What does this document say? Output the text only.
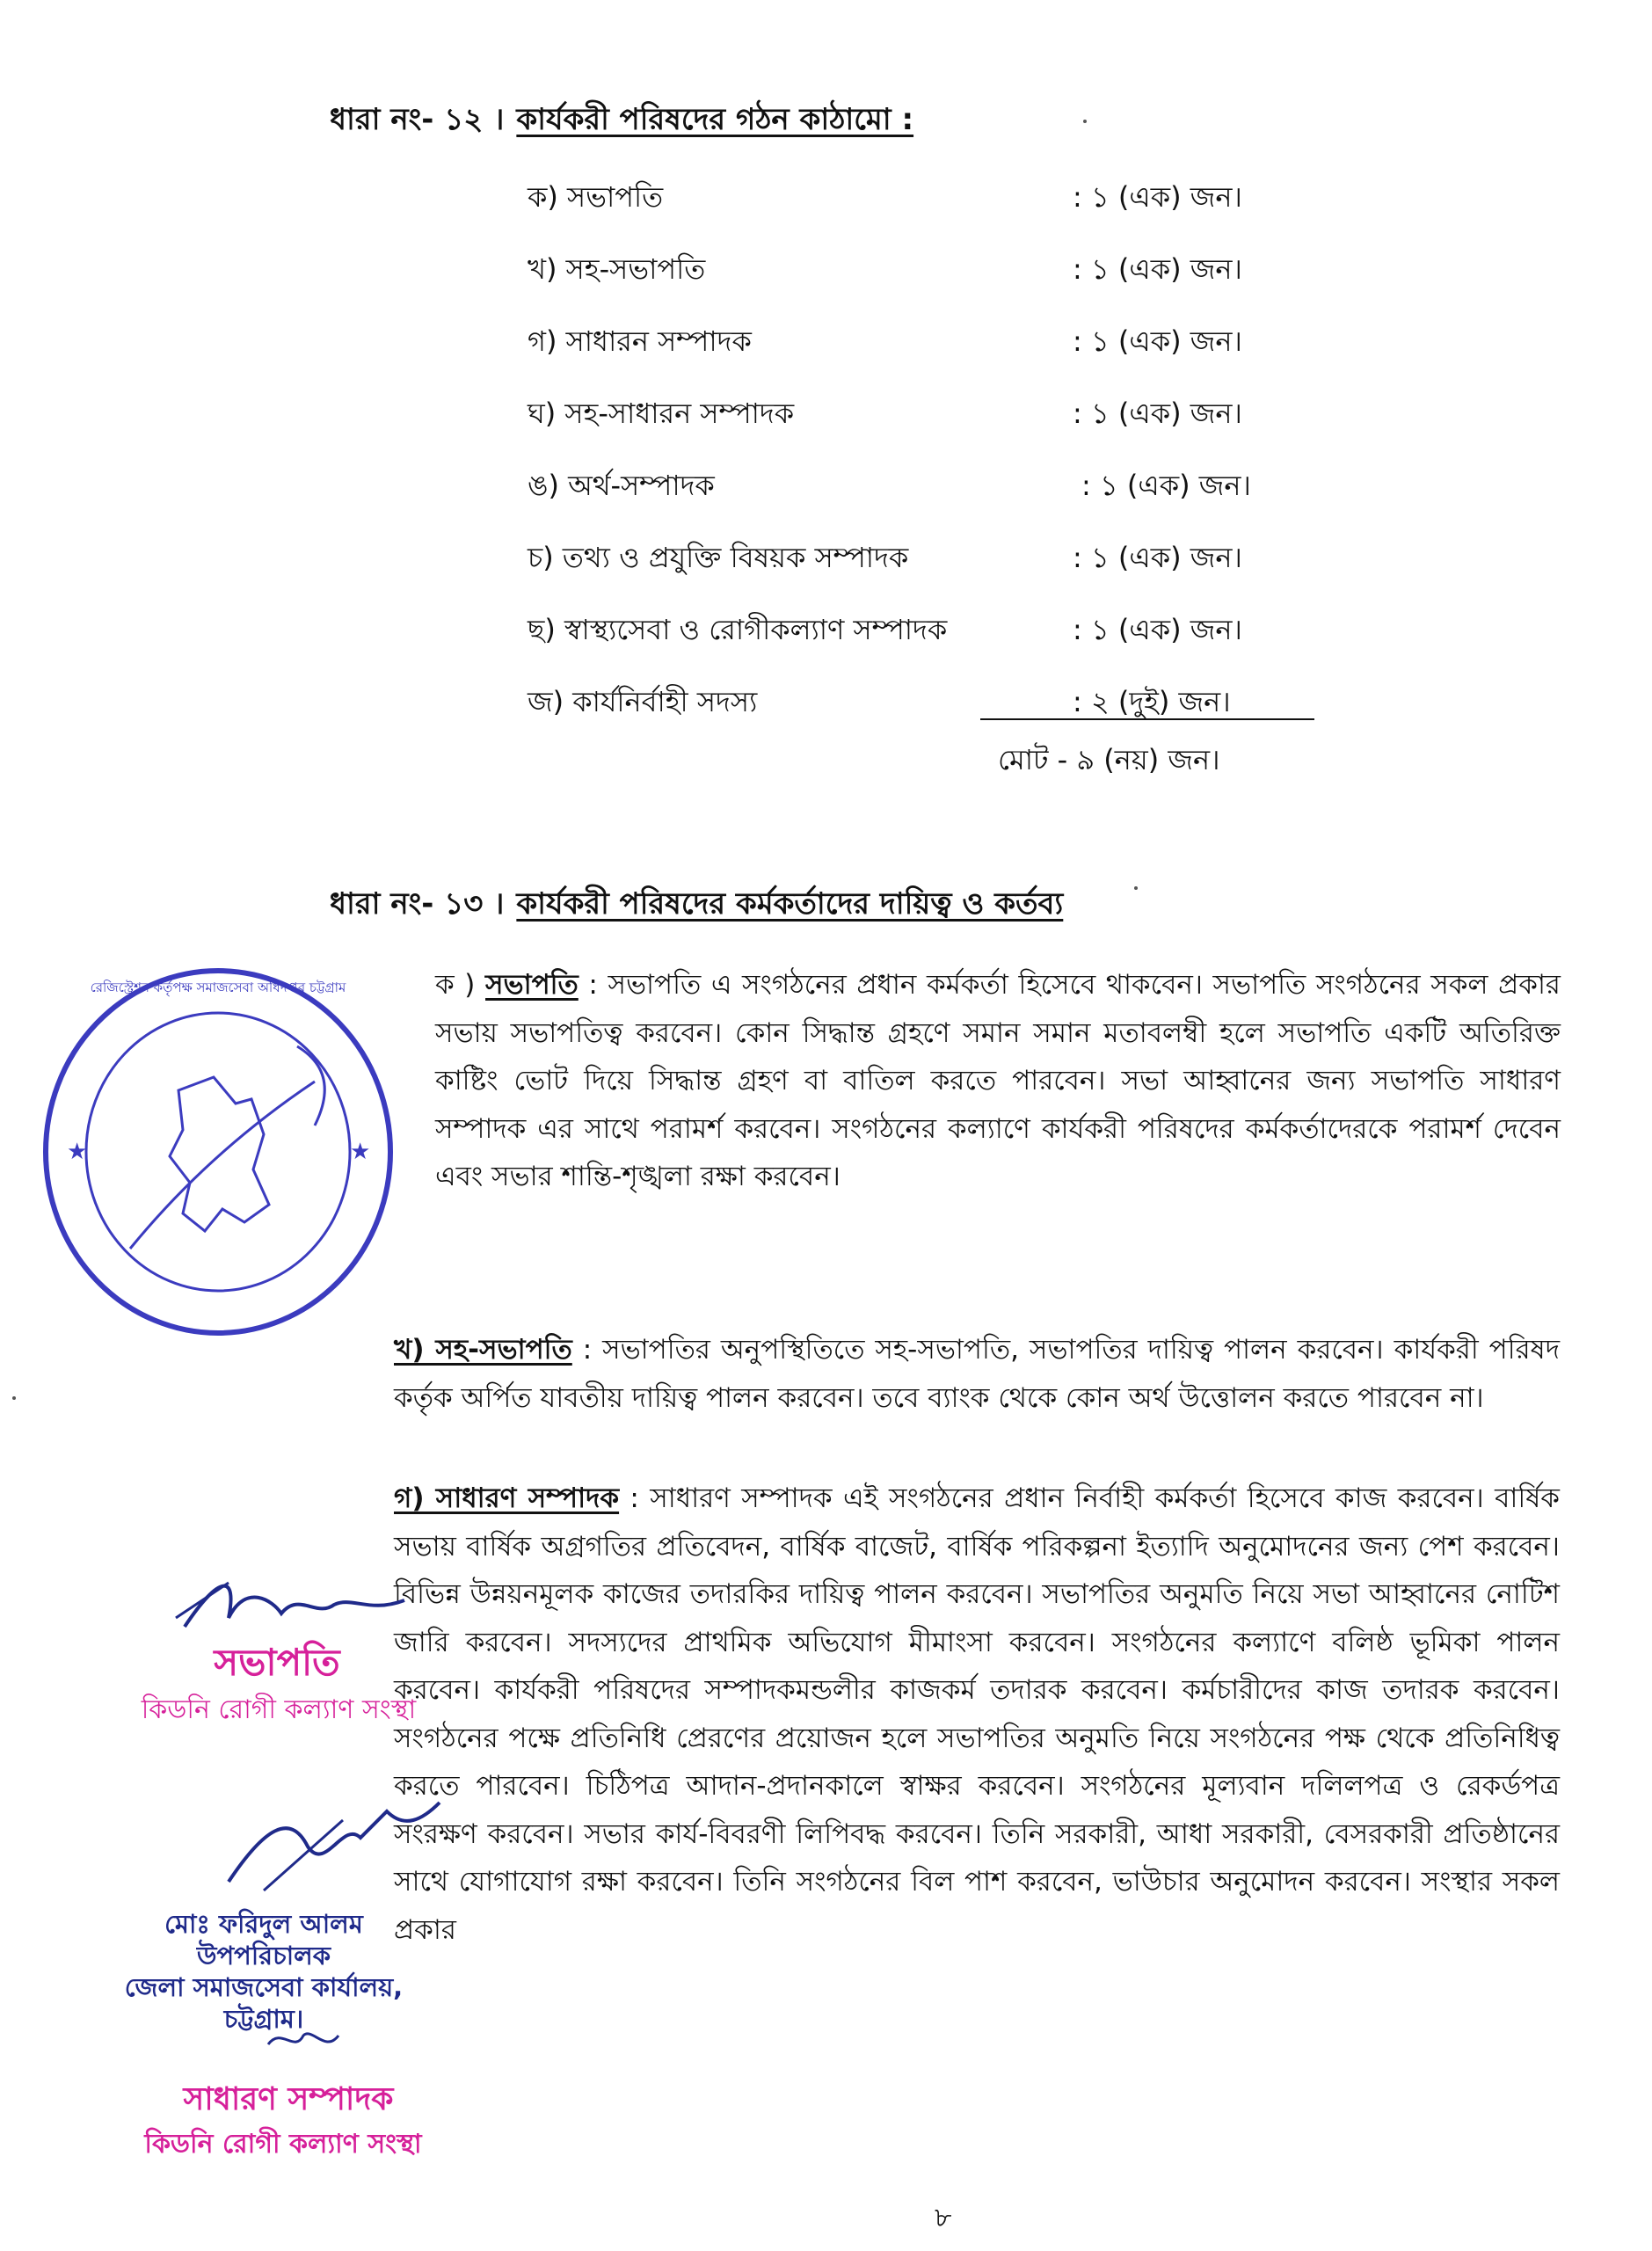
ধারা নং- ১২ । কার্যকরী পরিষদের গঠন কাঠামো :
ক) সভাপতি	: ১ (এক) জন।
খ) সহ-সভাপতি	: ১ (এক) জন।
গ) সাধারন সম্পাদক	: ১ (এক) জন।
ঘ) সহ-সাধারন সম্পাদক	: ১ (এক) জন।
ঙ) অর্থ-সম্পাদক	: ১ (এক) জন।
চ) তথ্য ও প্রযুক্তি বিষয়ক সম্পাদক	: ১ (এক) জন।
ছ) স্বাস্থ্যসেবা ও রোগীকল্যাণ সম্পাদক	: ১ (এক) জন।
জ) কার্যনির্বাহী সদস্য	: ২ (দুই) জন।
মোট - ৯ (নয়) জন।
ধারা নং- ১৩ । কার্যকরী পরিষদের কর্মকর্তাদের দায়িত্ব ও কর্তব্য
ক ) সভাপতি : সভাপতি এ সংগঠনের প্রধান কর্মকর্তা হিসেবে থাকবেন। সভাপতি সংগঠনের সকল প্রকার সভায় সভাপতিত্ব করবেন। কোন সিদ্ধান্ত গ্রহণে সমান সমান মতাবলম্বী হলে সভাপতি একটি অতিরিক্ত কাষ্টিং ভোট দিয়ে সিদ্ধান্ত গ্রহণ বা বাতিল করতে পারবেন। সভা আহ্বানের জন্য সভাপতি সাধারণ সম্পাদক এর সাথে পরামর্শ করবেন। সংগঠনের কল্যাণে কার্যকরী পরিষদের কর্মকর্তাদেরকে পরামর্শ দেবেন এবং সভার শান্তি-শৃঙ্খলা রক্ষা করবেন।
খ) সহ-সভাপতি : সভাপতির অনুপস্থিতিতে সহ-সভাপতি, সভাপতির দায়িত্ব পালন করবেন। কার্যকরী পরিষদ কর্তৃক অর্পিত যাবতীয় দায়িত্ব পালন করবেন। তবে ব্যাংক থেকে কোন অর্থ উত্তোলন করতে পারবেন না।
গ) সাধারণ সম্পাদক : সাধারণ সম্পাদক এই সংগঠনের প্রধান নির্বাহী কর্মকর্তা হিসেবে কাজ করবেন। বার্ষিক সভায় বার্ষিক অগ্রগতির প্রতিবেদন, বার্ষিক বাজেট, বার্ষিক পরিকল্পনা ইত্যাদি অনুমোদনের জন্য পেশ করবেন। বিভিন্ন উন্নয়নমূলক কাজের তদারকির দায়িত্ব পালন করবেন। সভাপতির অনুমতি নিয়ে সভা আহ্বানের নোটিশ জারি করবেন। সদস্যদের প্রাথমিক অভিযোগ মীমাংসা করবেন। সংগঠনের কল্যাণে বলিষ্ঠ ভূমিকা পালন করবেন। কার্যকরী পরিষদের সম্পাদকমন্ডলীর কাজকর্ম তদারক করবেন। কর্মচারীদের কাজ তদারক করবেন। সংগঠনের পক্ষে প্রতিনিধি প্রেরণের প্রয়োজন হলে সভাপতির অনুমতি নিয়ে সংগঠনের পক্ষ থেকে প্রতিনিধিত্ব করতে পারবেন। চিঠিপত্র আদান-প্রদানকালে স্বাক্ষর করবেন। সংগঠনের মূল্যবান দলিলপত্র ও রেকর্ডপত্র সংরক্ষণ করবেন। সভার কার্য-বিবরণী লিপিবদ্ধ করবেন। তিনি সরকারী, আধা সরকারী, বেসরকারী প্রতিষ্ঠানের সাথে যোগাযোগ রক্ষা করবেন। তিনি সংগঠনের বিল পাশ করবেন, ভাউচার অনুমোদন করবেন। সংস্থার সকল প্রকার
রেজিস্ট্রেশন কর্তৃপক্ষ সমাজসেবা অধিদপ্তর চট্টগ্রাম
★	★
সভাপতি
কিডনি রোগী কল্যাণ সংস্থা
মোঃ ফরিদুল আলম
উপপরিচালক
জেলা সমাজসেবা কার্যালয়,
চট্টগ্রাম।
সাধারণ সম্পাদক
কিডনি রোগী কল্যাণ সংস্থা
৮
